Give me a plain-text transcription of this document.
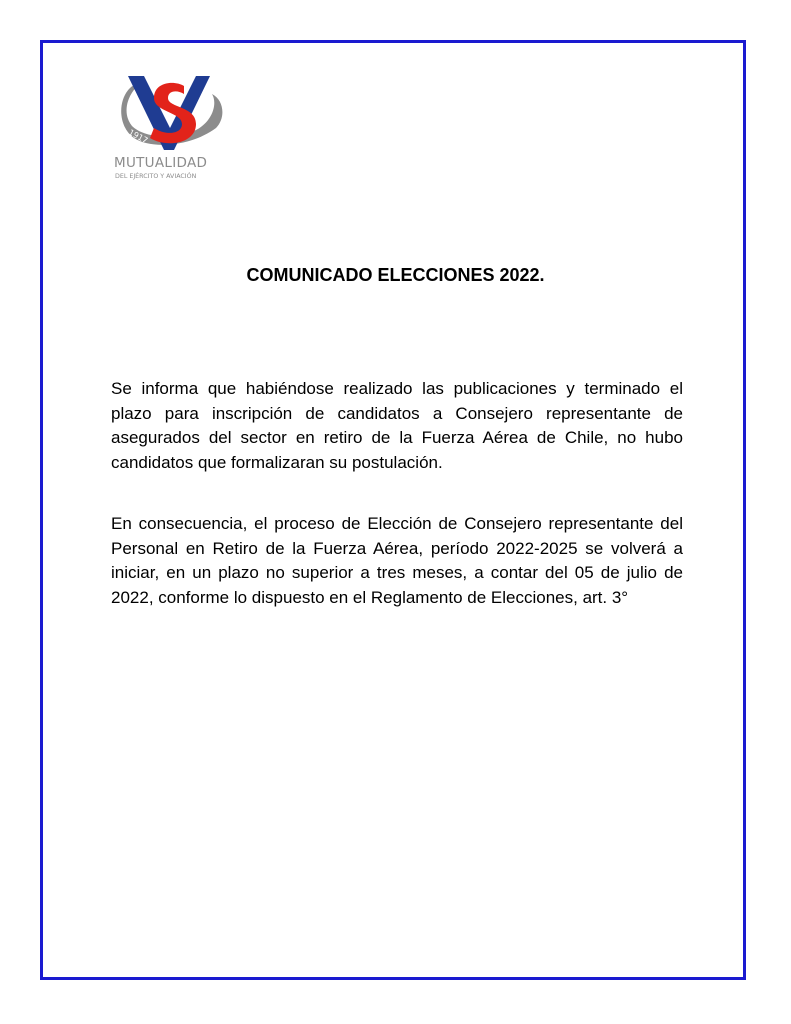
1917
MUTUALIDAD
DEL EJÉRCITO Y AVIACIÓN
COMUNICADO ELECCIONES 2022.

Se informa que habiéndose realizado las publicaciones y terminado el plazo para inscripción de candidatos a Consejero representante de asegurados del sector en retiro de la Fuerza Aérea de Chile, no hubo candidatos que formalizaran su postulación.

En consecuencia, el proceso de Elección de Consejero representante del Personal en Retiro de la Fuerza Aérea, período 2022-2025 se volverá a iniciar, en un plazo no superior a tres meses, a contar del 05 de julio de 2022, conforme lo dispuesto en el Reglamento de Elecciones, art. 3°
